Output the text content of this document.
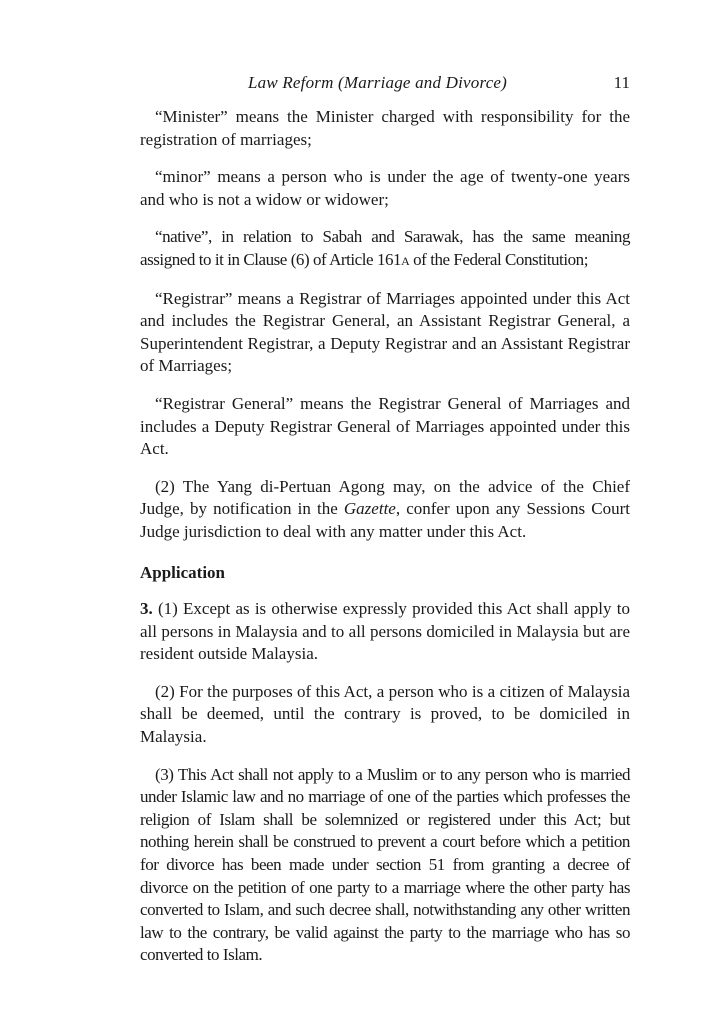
Law Reform (Marriage and Divorce)	11

“Minister” means the Minister charged with responsibility for the registration of marriages;

“minor” means a person who is under the age of twenty-one years and who is not a widow or widower;

“native”, in relation to Sabah and Sarawak, has the same meaning assigned to it in Clause (6) of Article 161A of the Federal Constitution;

“Registrar” means a Registrar of Marriages appointed under this Act and includes the Registrar General, an Assistant Registrar General, a Superintendent Registrar, a Deputy Registrar and an Assistant Registrar of Marriages;

“Registrar General” means the Registrar General of Marriages and includes a Deputy Registrar General of Marriages appointed under this Act.

(2) The Yang di-Pertuan Agong may, on the advice of the Chief Judge, by notification in the Gazette, confer upon any Sessions Court Judge jurisdiction to deal with any matter under this Act.

Application

3. (1) Except as is otherwise expressly provided this Act shall apply to all persons in Malaysia and to all persons domiciled in Malaysia but are resident outside Malaysia.

(2) For the purposes of this Act, a person who is a citizen of Malaysia shall be deemed, until the contrary is proved, to be domiciled in Malaysia.

(3) This Act shall not apply to a Muslim or to any person who is married under Islamic law and no marriage of one of the parties which professes the religion of Islam shall be solemnized or registered under this Act; but nothing herein shall be construed to prevent a court before which a petition for divorce has been made under section 51 from granting a decree of divorce on the petition of one party to a marriage where the other party has converted to Islam, and such decree shall, notwithstanding any other written law to the contrary, be valid against the party to the marriage who has so converted to Islam.
